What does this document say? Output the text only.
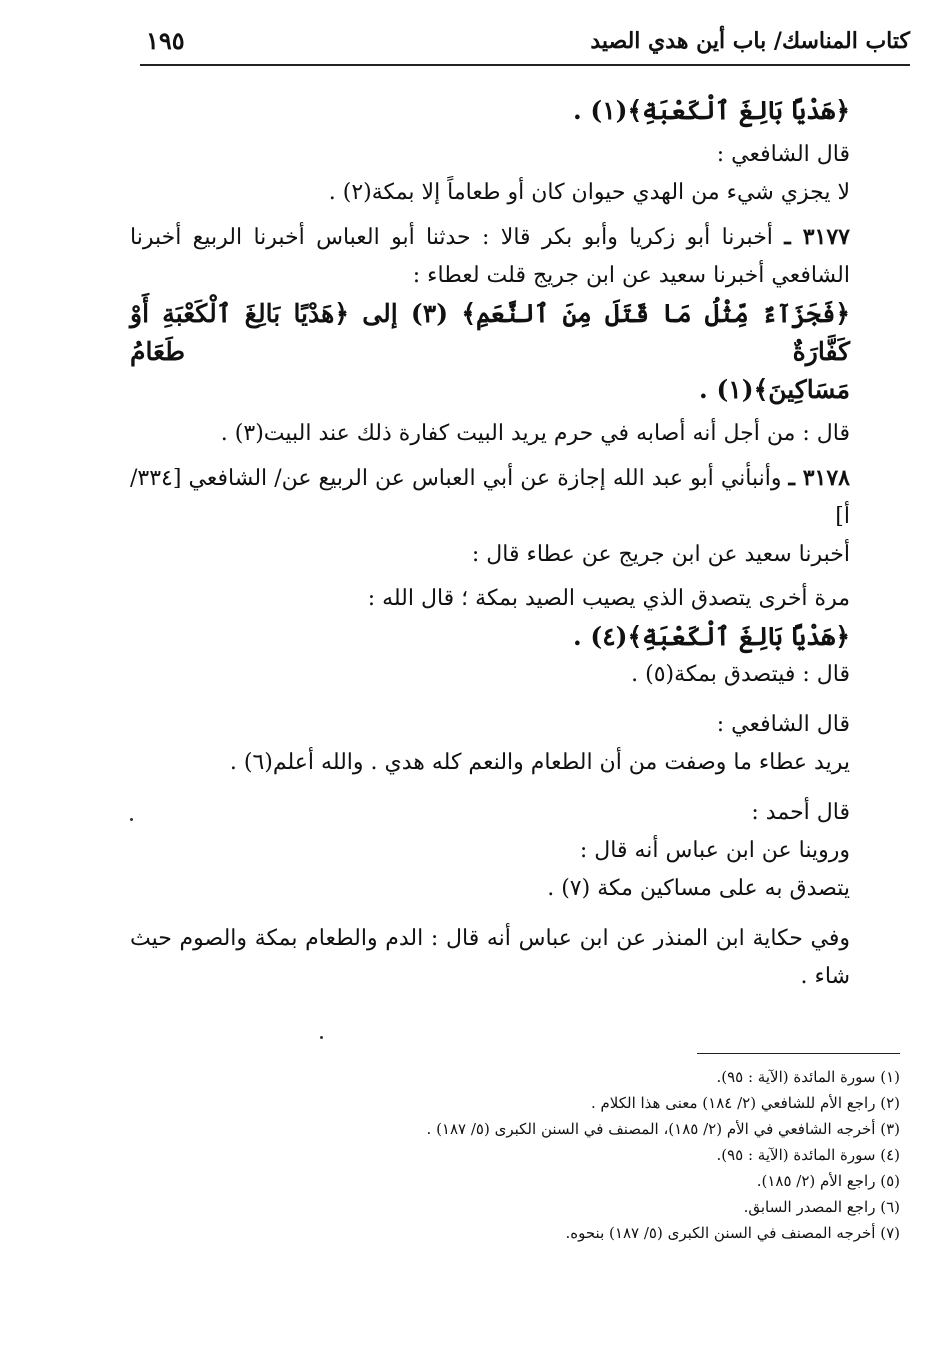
كتاب المناسك/ باب أين هدي الصيد
١٩٥

﴿هَدْيًا بَالِغَ ٱلْكَعْبَةِ﴾(١) .

قال الشافعي :

لا يجزي شيء من الهدي حيوان كان أو طعاماً إلا بمكة(٢) .

٣١٧٧ ـ أخبرنا أبو زكريا وأبو بكر قالا : حدثنا أبو العباس أخبرنا الربيع أخبرنا

الشافعي أخبرنا سعيد عن ابن جريج قلت لعطاء :

﴿فَجَزَآءٌ مِّثْلُ مَا قَتَلَ مِنَ ٱلنَّعَمِ﴾ (٣) إلى ﴿هَدْيًا بَالِغَ ٱلْكَعْبَةِ أَوْ كَفَّارَةٌ طَعَامُ

مَسَاكِينَ﴾(١) .

قال : من أجل أنه أصابه في حرم يريد البيت كفارة ذلك عند البيت(٣) .

٣١٧٨ ـ وأنبأني أبو عبد الله إجازة عن أبي العباس عن الربيع عن/ الشافعي [٣٣٤/ أ]

أخبرنا سعيد عن ابن جريج عن عطاء قال :

مرة أخرى يتصدق الذي يصيب الصيد بمكة ؛ قال الله :

﴿هَدْيًا بَالِغَ ٱلْكَعْبَةِ﴾(٤) .

قال : فيتصدق بمكة(٥) .

قال الشافعي :

يريد عطاء ما وصفت من أن الطعام والنعم كله هدي . والله أعلم(٦) .

قال أحمد :

وروينا عن ابن عباس أنه قال :

يتصدق به على مساكين مكة (٧) .

وفي حكاية ابن المنذر عن ابن عباس أنه قال : الدم والطعام بمكة والصوم حيث

شاء .

(١) سورة المائدة (الآية : ٩٥).

(٢) راجع الأم للشافعي (٢/ ١٨٤) معنى هذا الكلام .

(٣) أخرجه الشافعي في الأم (٢/ ١٨٥)، المصنف في السنن الكبرى (٥/ ١٨٧) .

(٤) سورة المائدة (الآية : ٩٥).

(٥) راجع الأم (٢/ ١٨٥).

(٦) راجع المصدر السابق.

(٧) أخرجه المصنف في السنن الكبرى (٥/ ١٨٧) بنحوه.
